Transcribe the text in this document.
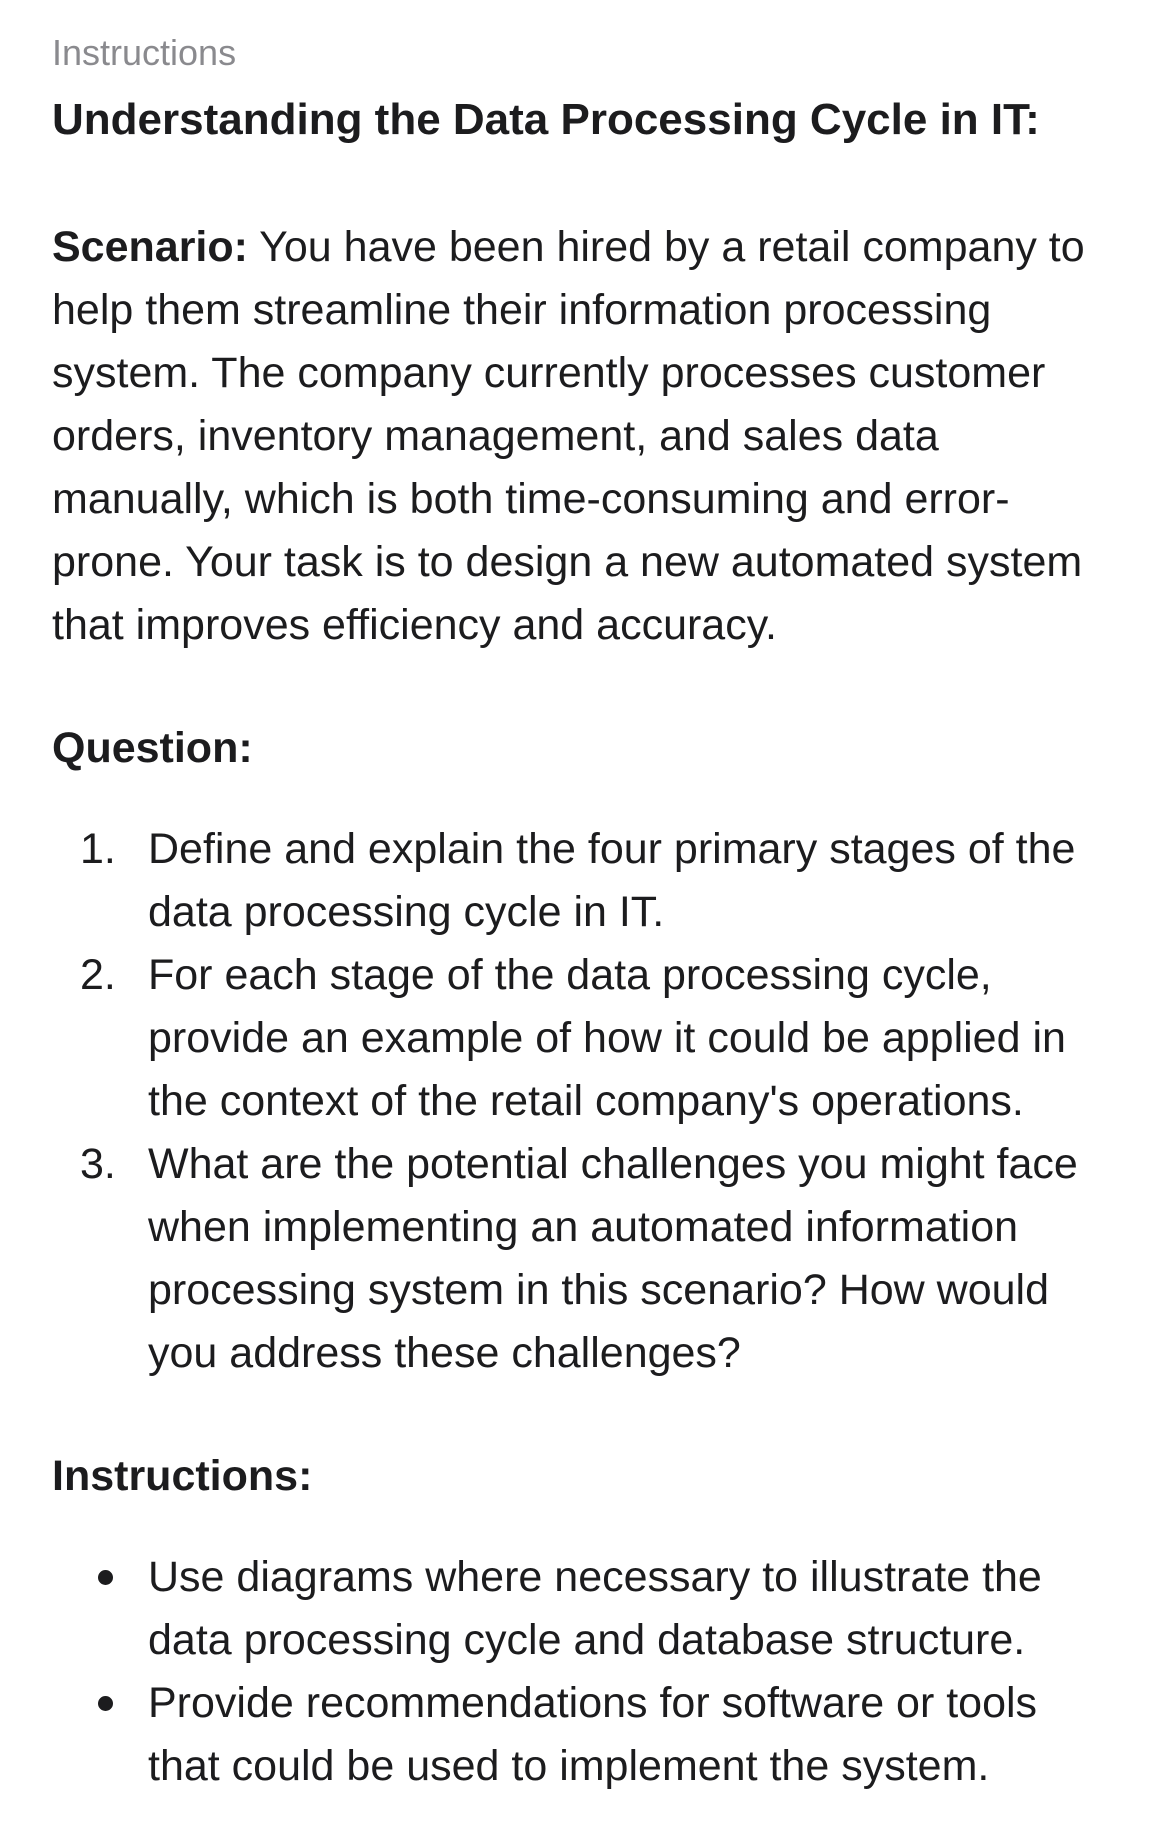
Instructions

Understanding the Data Processing Cycle in IT:

Scenario: You have been hired by a retail company to help them streamline their information processing system. The company currently processes customer orders, inventory management, and sales data manually, which is both time-consuming and error-prone. Your task is to design a new automated system that improves efficiency and accuracy.

Question:

1. Define and explain the four primary stages of the data processing cycle in IT.
2. For each stage of the data processing cycle, provide an example of how it could be applied in the context of the retail company's operations.
3. What are the potential challenges you might face when implementing an automated information processing system in this scenario? How would you address these challenges?

Instructions:

Use diagrams where necessary to illustrate the data processing cycle and database structure.
Provide recommendations for software or tools that could be used to implement the system.
